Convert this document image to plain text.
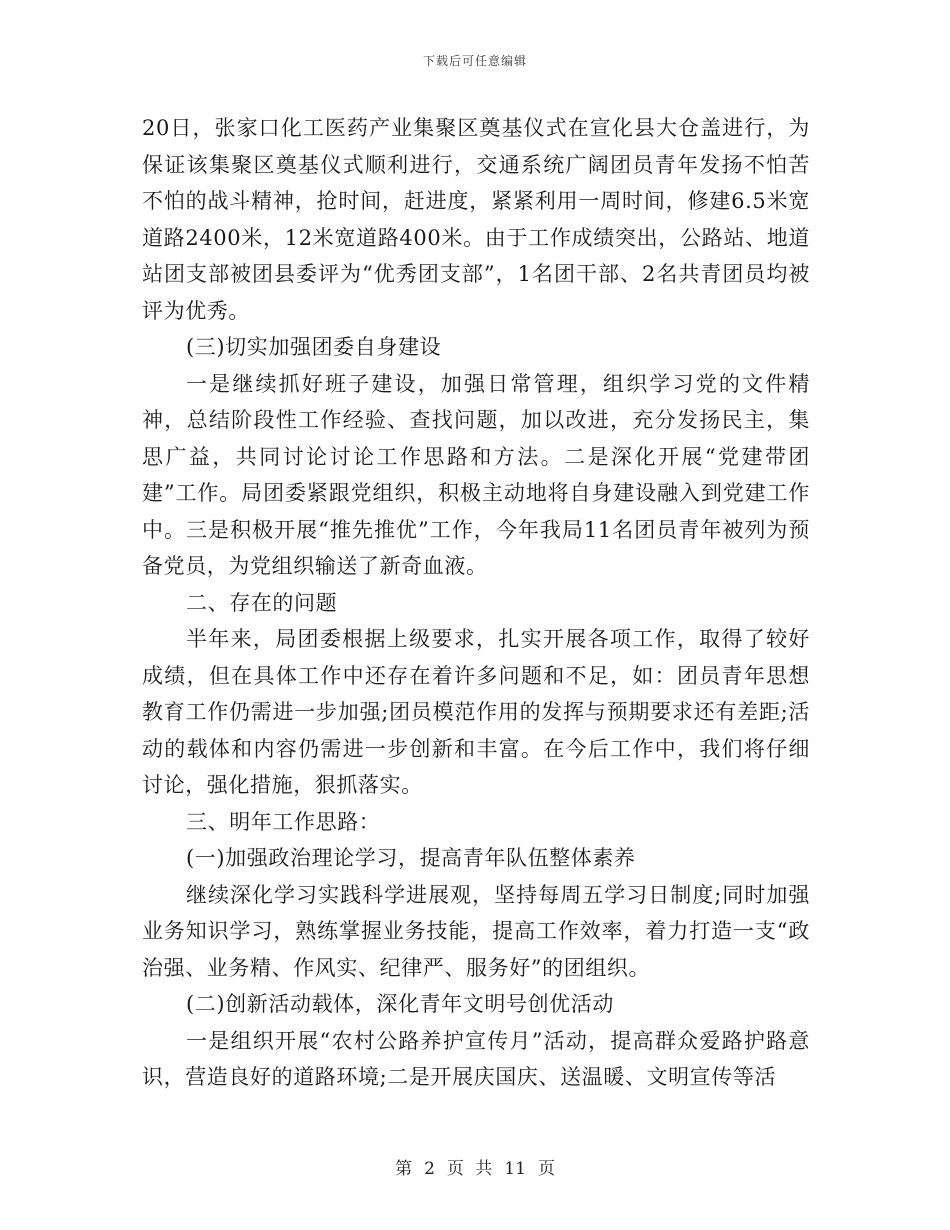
下载后可任意编辑

20日，张家口化工医药产业集聚区奠基仪式在宣化县大仓盖进行，为保证该集聚区奠基仪式顺利进行，交通系统广阔团员青年发扬不怕苦不怕的战斗精神，抢时间，赶进度，紧紧利用一周时间，修建6.5米宽道路2400米，12米宽道路400米。由于工作成绩突出，公路站、地道站团支部被团县委评为“优秀团支部”，1名团干部、2名共青团员均被评为优秀。

(三)切实加强团委自身建设

一是继续抓好班子建设，加强日常管理，组织学习党的文件精神，总结阶段性工作经验、查找问题，加以改进，充分发扬民主，集思广益，共同讨论讨论工作思路和方法。二是深化开展“党建带团建”工作。局团委紧跟党组织，积极主动地将自身建设融入到党建工作中。三是积极开展“推先推优”工作，今年我局11名团员青年被列为预备党员，为党组织输送了新奇血液。

二、存在的问题

半年来，局团委根据上级要求，扎实开展各项工作，取得了较好成绩，但在具体工作中还存在着许多问题和不足，如：团员青年思想教育工作仍需进一步加强;团员模范作用的发挥与预期要求还有差距;活动的载体和内容仍需进一步创新和丰富。在今后工作中，我们将仔细讨论，强化措施，狠抓落实。

三、明年工作思路：

(一)加强政治理论学习，提高青年队伍整体素养

继续深化学习实践科学进展观，坚持每周五学习日制度;同时加强业务知识学习，熟练掌握业务技能，提高工作效率，着力打造一支“政治强、业务精、作风实、纪律严、服务好”的团组织。

(二)创新活动载体，深化青年文明号创优活动

一是组织开展“农村公路养护宣传月”活动，提高群众爱路护路意识，营造良好的道路环境;二是开展庆国庆、送温暖、文明宣传等活

第 2 页 共 11 页
